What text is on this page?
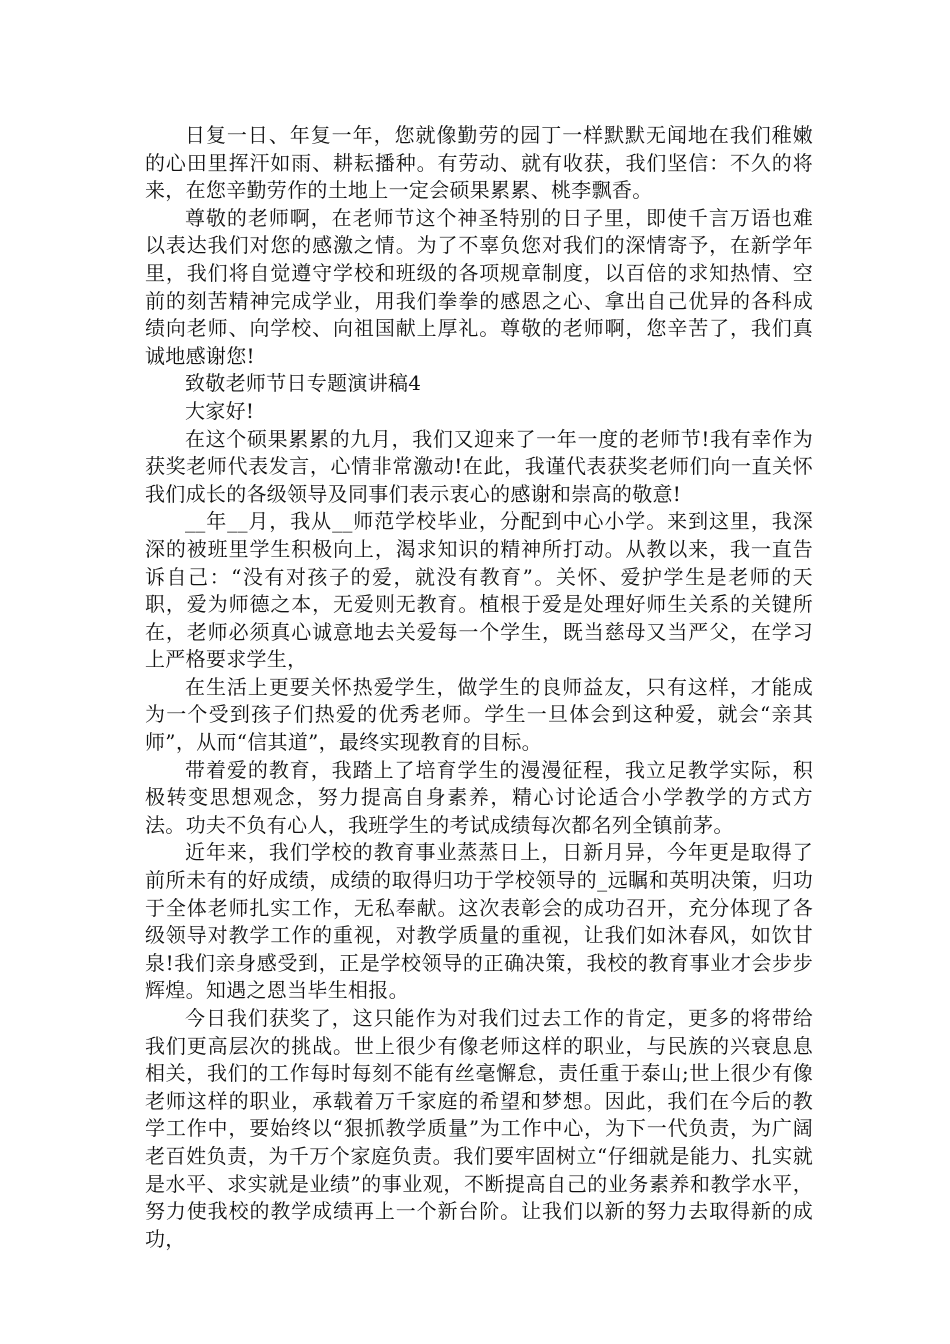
日复一日、年复一年，您就像勤劳的园丁一样默默无闻地在我们稚嫩的心田里挥汗如雨、耕耘播种。有劳动、就有收获，我们坚信：不久的将来，在您辛勤劳作的土地上一定会硕果累累、桃李飘香。

尊敬的老师啊，在老师节这个神圣特别的日子里，即使千言万语也难以表达我们对您的感激之情。为了不辜负您对我们的深情寄予，在新学年里，我们将自觉遵守学校和班级的各项规章制度，以百倍的求知热情、空前的刻苦精神完成学业，用我们拳拳的感恩之心、拿出自己优异的各科成绩向老师、向学校、向祖国献上厚礼。尊敬的老师啊，您辛苦了，我们真诚地感谢您!

致敬老师节日专题演讲稿4

大家好!

在这个硕果累累的九月，我们又迎来了一年一度的老师节!我有幸作为获奖老师代表发言，心情非常激动!在此，我谨代表获奖老师们向一直关怀我们成长的各级领导及同事们表示衷心的感谢和崇高的敬意!

__年__月，我从__师范学校毕业，分配到中心小学。来到这里，我深深的被班里学生积极向上，渴求知识的精神所打动。从教以来，我一直告诉自己：“没有对孩子的爱，就没有教育”。关怀、爱护学生是老师的天职，爱为师德之本，无爱则无教育。植根于爱是处理好师生关系的关键所在，老师必须真心诚意地去关爱每一个学生，既当慈母又当严父，在学习上严格要求学生，

在生活上更要关怀热爱学生，做学生的良师益友，只有这样，才能成为一个受到孩子们热爱的优秀老师。学生一旦体会到这种爱，就会“亲其师”，从而“信其道”，最终实现教育的目标。

带着爱的教育，我踏上了培育学生的漫漫征程，我立足教学实际，积极转变思想观念，努力提高自身素养，精心讨论适合小学教学的方式方法。功夫不负有心人，我班学生的考试成绩每次都名列全镇前茅。

近年来，我们学校的教育事业蒸蒸日上，日新月异，今年更是取得了前所未有的好成绩，成绩的取得归功于学校领导的_远瞩和英明决策，归功于全体老师扎实工作，无私奉献。这次表彰会的成功召开，充分体现了各级领导对教学工作的重视，对教学质量的重视，让我们如沐春风，如饮甘泉!我们亲身感受到，正是学校领导的正确决策，我校的教育事业才会步步辉煌。知遇之恩当毕生相报。

今日我们获奖了，这只能作为对我们过去工作的肯定，更多的将带给我们更高层次的挑战。世上很少有像老师这样的职业，与民族的兴衰息息相关，我们的工作每时每刻不能有丝毫懈怠，责任重于泰山;世上很少有像老师这样的职业，承载着万千家庭的希望和梦想。因此，我们在今后的教学工作中，要始终以“狠抓教学质量”为工作中心，为下一代负责，为广阔老百姓负责，为千万个家庭负责。我们要牢固树立“仔细就是能力、扎实就是水平、求实就是业绩”的事业观，不断提高自己的业务素养和教学水平，努力使我校的教学成绩再上一个新台阶。让我们以新的努力去取得新的成功，
